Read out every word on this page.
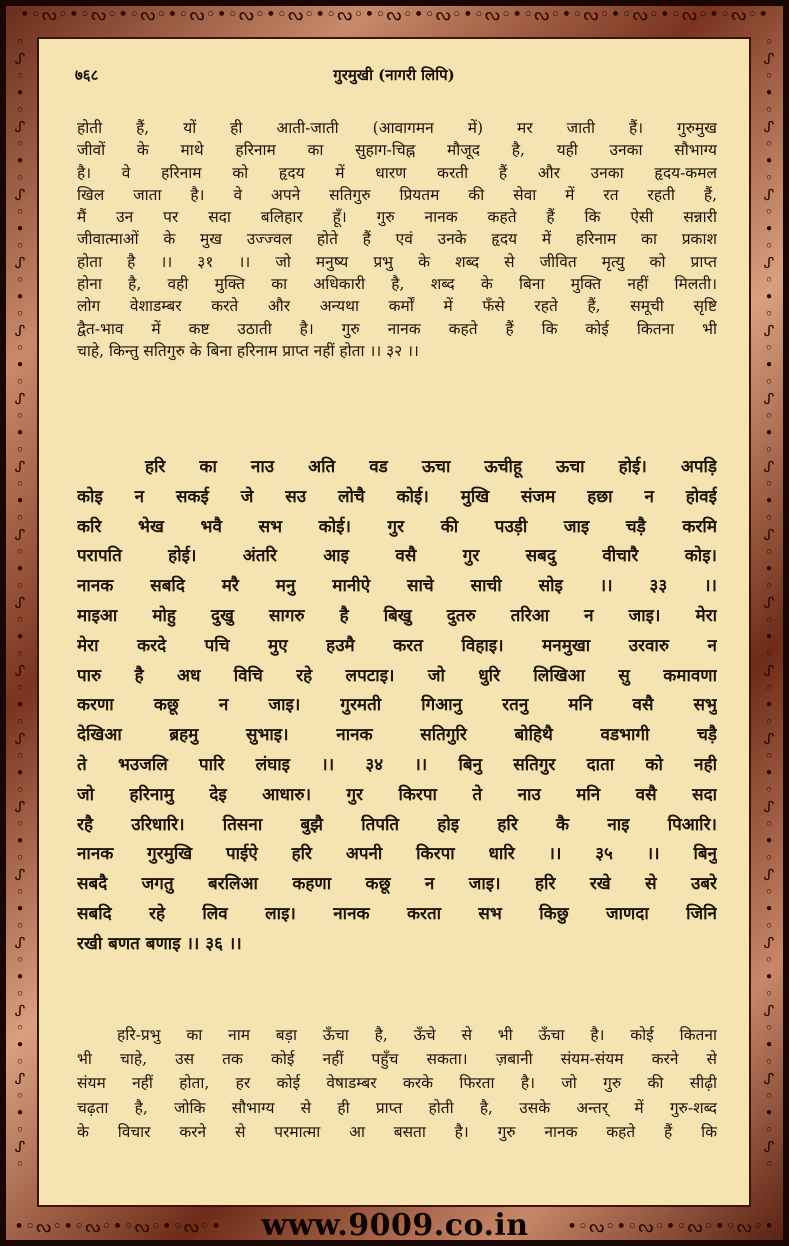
•◦ᔓ◦•◦ᔓ◦•◦ᔓ◦•◦ᔓ◦•◦ᔓ◦•◦ᔓ◦•◦ᔓ◦•◦ᔓ◦•◦ᔓ◦•◦ᔓ◦•◦ᔓ◦•◦ᔓ◦•◦ᔓ◦•◦ᔓ◦•◦ᔓ◦•
◦
ᔑ
◦
•
◦
ᔑ
◦
•
◦
ᔑ
◦
•
◦
ᔑ
◦
•
◦
ᔑ
◦
•
◦
ᔑ
◦
•
◦
ᔑ
◦
•
◦
ᔑ
◦
•
◦
ᔑ
◦
•
◦
ᔑ
◦
•
◦
ᔑ
◦
•
◦
ᔑ
◦
•
◦
ᔑ
◦
•
◦
ᔑ
◦
•
◦
ᔑ
◦
•
◦
ᔑ
◦
•
◦
ᔑ
◦
◦
ᔑ
◦
•
◦
ᔑ
◦
•
◦
ᔑ
◦
•
◦
ᔑ
◦
•
◦
ᔑ
◦
•
◦
ᔑ
◦
•
◦
ᔑ
◦
•
◦
ᔑ
◦
•
◦
ᔑ
◦
•
◦
ᔑ
◦
•
◦
ᔑ
◦
•
◦
ᔑ
◦
•
◦
ᔑ
◦
•
◦
ᔑ
◦
•
◦
ᔑ
◦
•
◦
ᔑ
◦
•
◦
ᔑ
◦
७६८	गुरमुखी (नागरी लिपि)

होती हैं, यों ही आती-जाती (आवागमन में) मर जाती हैं। गुरुमुख

जीवों के माथे हरिनाम का सुहाग-चिह्न मौजूद है, यही उनका सौभाग्य

है। वे हरिनाम को हृदय में धारण करती हैं और उनका हृदय-कमल

खिल जाता है। वे अपने सतिगुरु प्रियतम की सेवा में रत रहती हैं,

मैं उन पर सदा बलिहार हूँ। गुरु नानक कहते हैं कि ऐसी सन्नारी

जीवात्माओं के मुख उज्ज्वल होते हैं एवं उनके हृदय में हरिनाम का प्रकाश

होता है ।। ३१ ।। जो मनुष्य प्रभु के शब्द से जीवित मृत्यु को प्राप्त

होना है, वही मुक्ति का अधिकारी है, शब्द के बिना मुक्ति नहीं मिलती।

लोग वेशाडम्बर करते और अन्यथा कर्मों में फँसे रहते हैं, समूची सृष्टि

द्वैत-भाव में कष्ट उठाती है। गुरु नानक कहते हैं कि कोई कितना भी

चाहे, किन्तु सतिगुरु के बिना हरिनाम प्राप्त नहीं होता ।। ३२ ।।

हरि का नाउ अति वड ऊचा ऊचीहू ऊचा होई। अपड़ि

कोइ न सकई जे सउ लोचै कोई। मुखि संजम हछा न होवई

करि भेख भवै सभ कोई। गुर की पउड़ी जाइ चड़ै करमि

परापति होई। अंतरि आइ वसै गुर सबदु वीचारै कोइ।

नानक सबदि मरै मनु मानीऐ साचे साची सोइ ।। ३३ ।।

माइआ मोहु दुखु सागरु है बिखु दुतरु तरिआ न जाइ। मेरा

मेरा करदे पचि मुए हउमै करत विहाइ। मनमुखा उरवारु न

पारु है अध विचि रहे लपटाइ। जो धुरि लिखिआ सु कमावणा

करणा कछू न जाइ। गुरमती गिआनु रतनु मनि वसै सभु

देखिआ ब्रहमु सुभाइ। नानक सतिगुरि बोहिथै वडभागी चड़ै

ते भउजलि पारि लंघाइ ।। ३४ ।। बिनु सतिगुर दाता को नही

जो हरिनामु देइ आधारु। गुर किरपा ते नाउ मनि वसै सदा

रहै उरिधारि। तिसना बुझै तिपति होइ हरि कै नाइ पिआरि।

नानक गुरमुखि पाईऐ हरि अपनी किरपा धारि ।। ३५ ।। बिनु

सबदै जगतु बरलिआ कहणा कछू न जाइ। हरि रखे से उबरे

सबदि रहे लिव लाइ। नानक करता सभ किछु जाणदा जिनि

रखी बणत बणाइ ।। ३६ ।।

हरि-प्रभु का नाम बड़ा ऊँचा है, ऊँचे से भी ऊँचा है। कोई कितना

भी चाहे, उस तक कोई नहीं पहुँच सकता। ज़बानी संयम-संयम करने से

संयम नहीं होता, हर कोई वेषाडम्बर करके फिरता है। जो गुरु की सीढ़ी

चढ़ता है, जोकि सौभाग्य से ही प्राप्त होती है, उसके अन्तर् में गुरु-शब्द

के विचार करने से परमात्मा आ बसता है। गुरु नानक कहते हैं कि

•◦ᔓ◦•◦ᔓ◦•◦ᔓ◦•◦ᔓ◦•	www.9009.co.in	•◦ᔓ◦•◦ᔓ◦•◦ᔓ◦•◦ᔓ◦•
